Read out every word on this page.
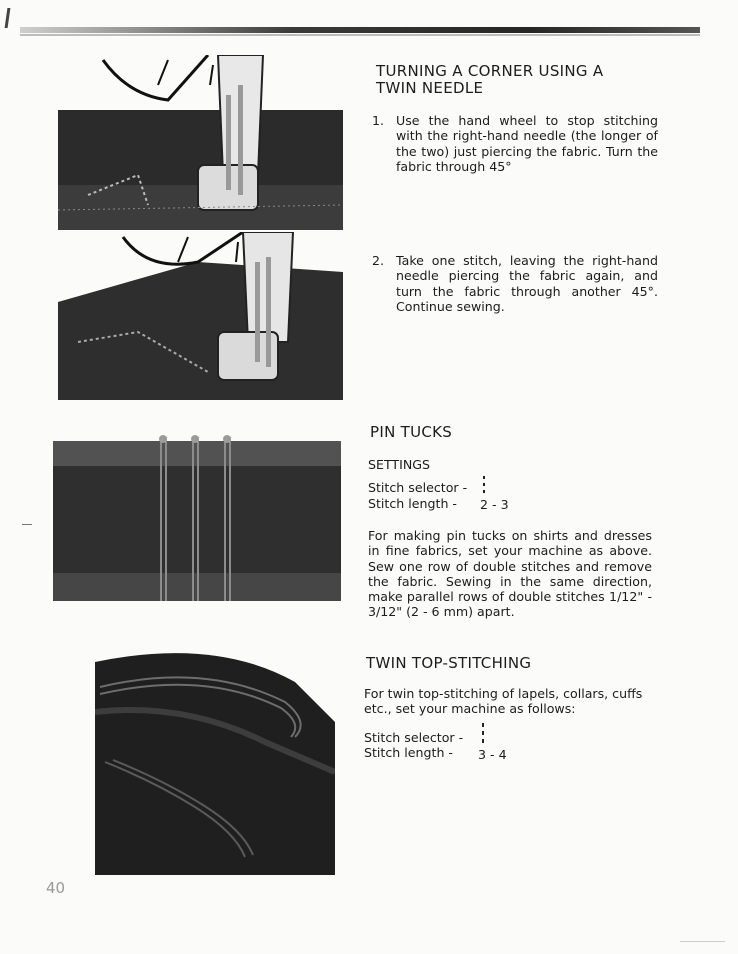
TURNING A CORNER USING A
TWIN NEEDLE
1. Use the hand wheel to stop stitching with the right-hand needle (the longer of the two) just piercing the fabric. Turn the fabric through 45°
2. Take one stitch, leaving the right-hand needle piercing the fabric again, and turn the fabric through another 45°. Continue sewing.
PIN TUCKS
SETTINGS
Stitch selector -
Stitch length - 2 - 3
For making pin tucks on shirts and dresses in fine fabrics, set your machine as above. Sew one row of double stitches and remove the fabric. Sewing in the same direction, make parallel rows of double stitches 1/12" - 3/12" (2 - 6 mm) apart.
TWIN TOP-STITCHING
For twin top-stitching of lapels, collars, cuffs etc., set your machine as follows:
Stitch selector -
Stitch length - 3 - 4
40
